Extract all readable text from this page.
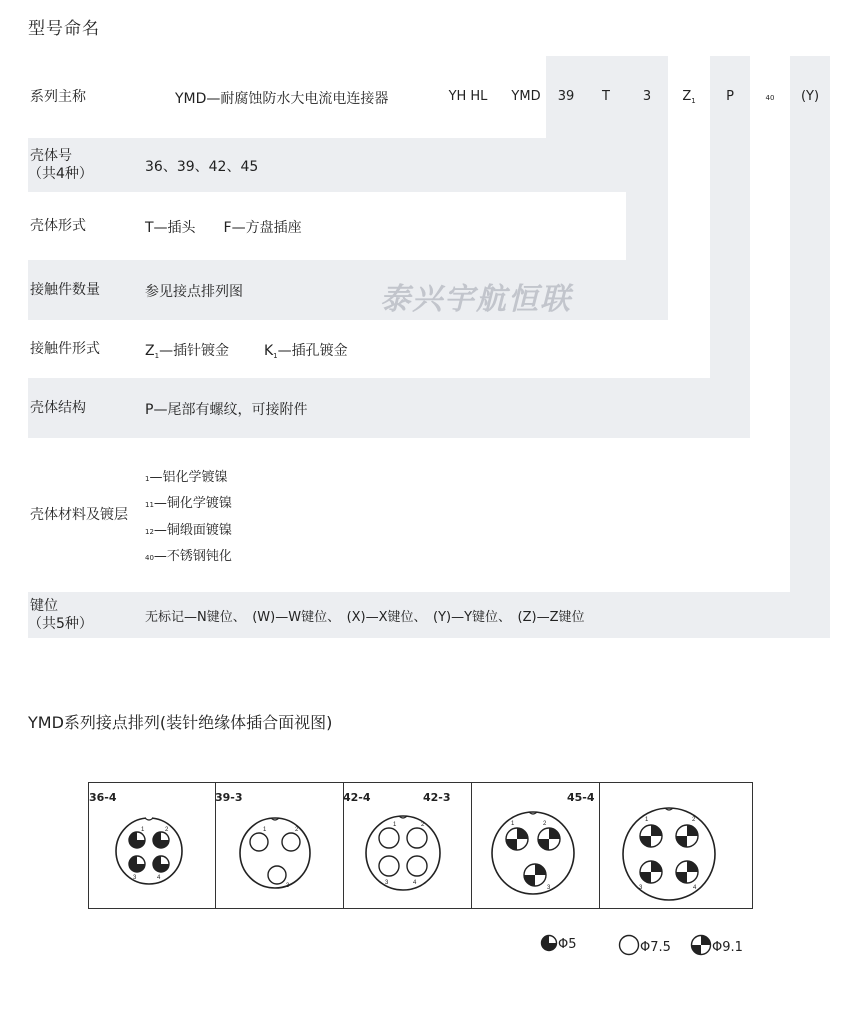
型号命名
系列主称	YMD—耐腐蚀防水大电流电连接器	YH HL	YMD	39	T	3	$Z_1$	P	40	(Y)
壳体号
（共4种）	36、39、42、45
壳体形式	T—插头　　F—方盘插座
接触件数量	参见接点排列图	泰兴宇航恒联
接触件形式	$Z_1—$插针镀金 $K_1—$插孔镀金
壳体结构	P—尾部有螺纹，可接附件
壳体材料及镀层
1—铝化学镀镍
11—铜化学镀镍
12—铜缎面镀镍
40—不锈钢钝化
键位
（共5种）	无标记—N键位、　(W)—W键位、　(X)—X键位、　(Y)—Y键位、　(Z)—Z键位
YMD系列接点排列(装针绝缘体插合面视图)
36-4
1	2
3	4
39-3
1	2
3
42-4
1	2
3	4
42-3
1	2
3
45-4
1	2
3	4
Φ5	Φ7.5	Φ9.1
